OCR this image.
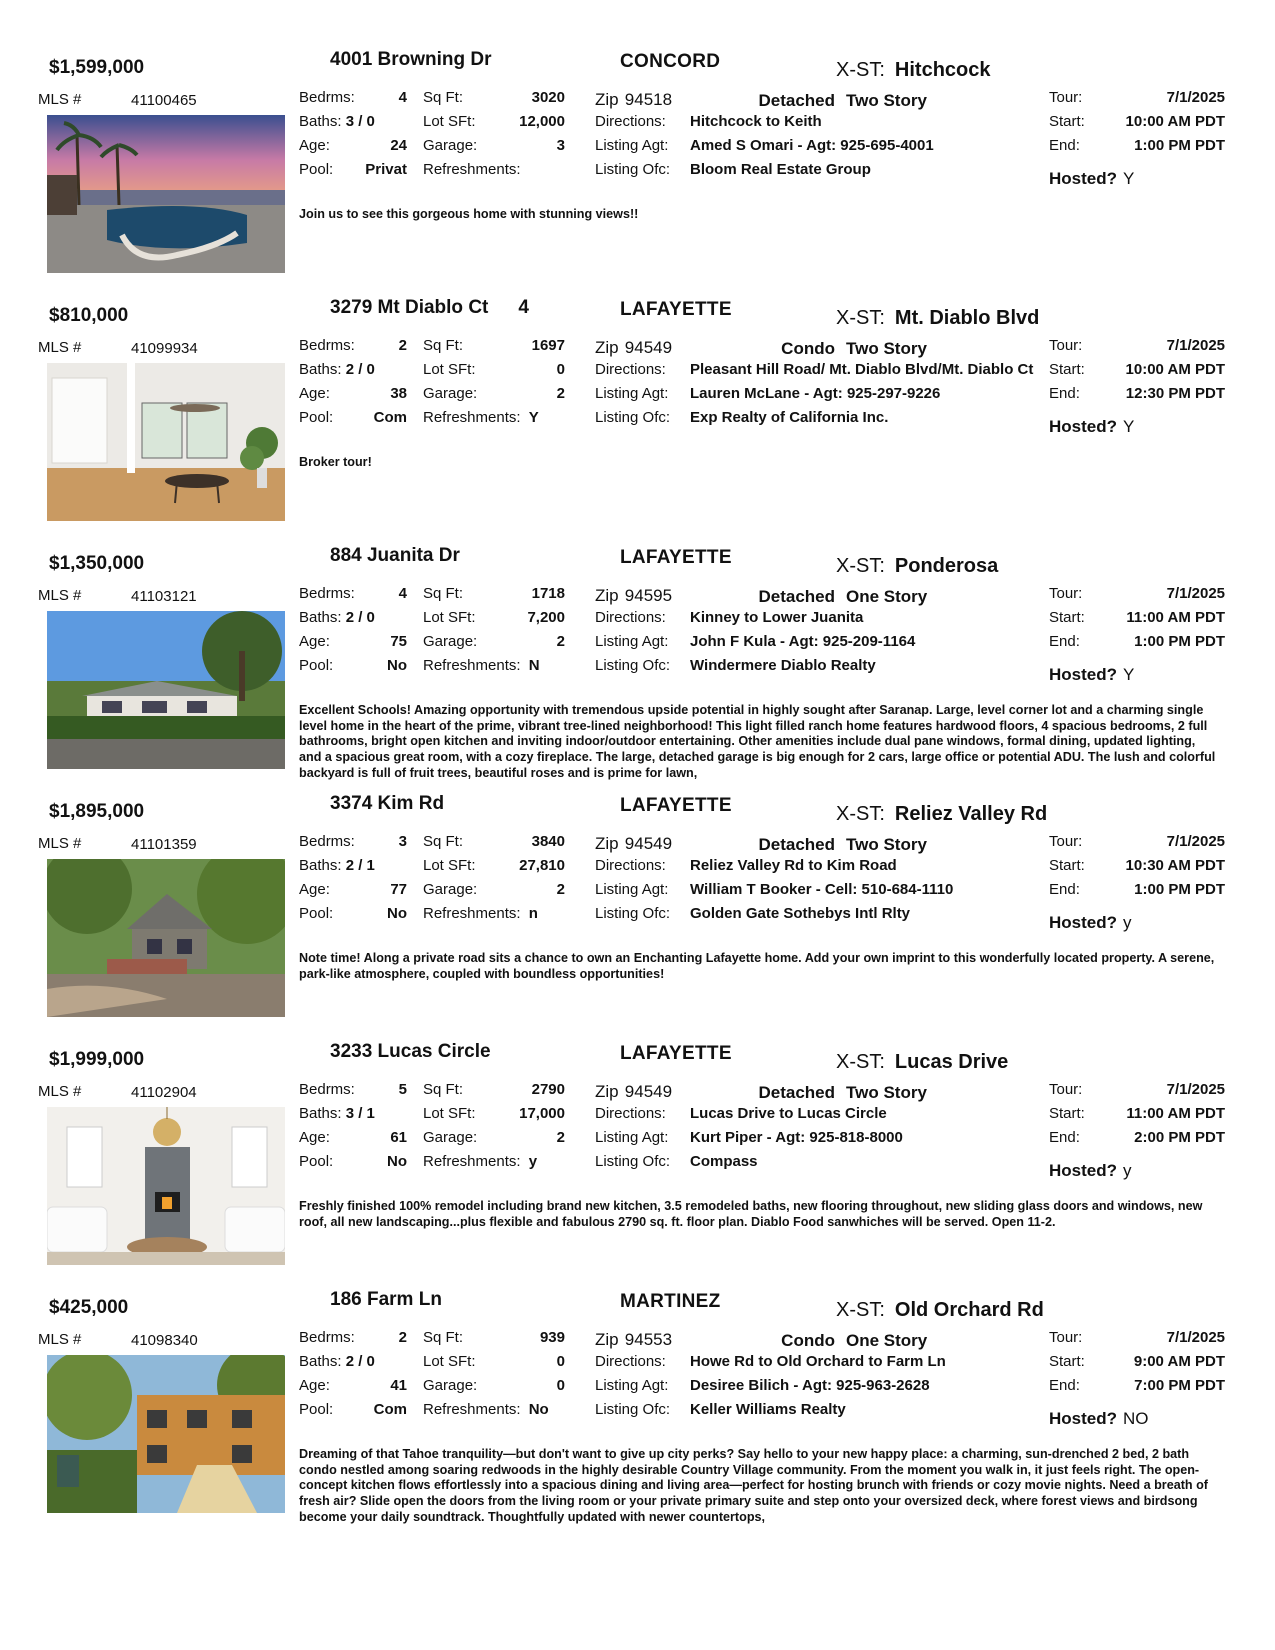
$1,599,000	4001 Browning Dr	CONCORD	X-ST: Hitchcock
MLS #	41100465	Bedrms:	4
Baths: 3 / 0
Age:	24
Pool:	Privat
Sq Ft:	3020
Lot SFt:	12,000
Garage:	3
Refreshments:
Zip 94518
Directions: Hitchcock to Keith
Listing Agt: Amed S Omari - Agt: 925-695-4001
Listing Ofc: Bloom Real Estate Group
Detached Two Story	Tour:	7/1/2025
Start:	10:00 AM PDT
End:	1:00 PM PDT
Hosted? Y
Join us to see this gorgeous home with stunning views!!
$810,000	3279 Mt Diablo Ct 4	LAFAYETTE	X-ST: Mt. Diablo Blvd
MLS #	41099934	Bedrms:	2
Baths: 2 / 0
Age:	38
Pool:	Com
Sq Ft:	1697
Lot SFt:	0
Garage:	2
Refreshments: Y
Zip 94549
Directions: Pleasant Hill Road/ Mt. Diablo Blvd/Mt. Diablo Ct
Listing Agt: Lauren McLane - Agt: 925-297-9226
Listing Ofc: Exp Realty of California Inc.
Condo Two Story	Tour:	7/1/2025
Start:	10:00 AM PDT
End:	12:30 PM PDT
Hosted? Y
Broker tour!
$1,350,000	884 Juanita Dr	LAFAYETTE	X-ST: Ponderosa
MLS #	41103121	Bedrms:	4
Baths: 2 / 0
Age:	75
Pool:	No
Sq Ft:	1718
Lot SFt:	7,200
Garage:	2
Refreshments: N
Zip 94595
Directions: Kinney to Lower Juanita
Listing Agt: John F Kula - Agt: 925-209-1164
Listing Ofc: Windermere Diablo Realty
Detached One Story	Tour:	7/1/2025
Start:	11:00 AM PDT
End:	1:00 PM PDT
Hosted? Y
Excellent Schools! Amazing opportunity with tremendous upside potential in highly sought after Saranap. Large, level corner lot and a charming single level home in the heart of the prime, vibrant tree-lined neighborhood! This light filled ranch home features hardwood floors, 4 spacious bedrooms, 2 full bathrooms, bright open kitchen and inviting indoor/outdoor entertaining. Other amenities include dual pane windows, formal dining, updated lighting, and a spacious great room, with a cozy fireplace. The large, detached garage is big enough for 2 cars, large office or potential ADU. The lush and colorful backyard is full of fruit trees, beautiful roses and is prime for lawn,
$1,895,000	3374 Kim Rd	LAFAYETTE	X-ST: Reliez Valley Rd
MLS #	41101359	Bedrms:	3
Baths: 2 / 1
Age:	77
Pool:	No
Sq Ft:	3840
Lot SFt:	27,810
Garage:	2
Refreshments: n
Zip 94549
Directions: Reliez Valley Rd to Kim Road
Listing Agt: William T Booker - Cell: 510-684-1110
Listing Ofc: Golden Gate Sothebys Intl Rlty
Detached Two Story	Tour:	7/1/2025
Start:	10:30 AM PDT
End:	1:00 PM PDT
Hosted? y
Note time! Along a private road sits a chance to own an Enchanting Lafayette home. Add your own imprint to this wonderfully located property. A serene, park-like atmosphere, coupled with boundless opportunities!
$1,999,000	3233 Lucas Circle	LAFAYETTE	X-ST: Lucas Drive
MLS #	41102904	Bedrms:	5
Baths: 3 / 1
Age:	61
Pool:	No
Sq Ft:	2790
Lot SFt:	17,000
Garage:	2
Refreshments: y
Zip 94549
Directions: Lucas Drive to Lucas Circle
Listing Agt: Kurt Piper - Agt: 925-818-8000
Listing Ofc: Compass
Detached Two Story	Tour:	7/1/2025
Start:	11:00 AM PDT
End:	2:00 PM PDT
Hosted? y
Freshly finished 100% remodel including brand new kitchen, 3.5 remodeled baths, new flooring throughout, new sliding glass doors and windows, new roof, all new landscaping...plus flexible and fabulous 2790 sq. ft. floor plan. Diablo Food sanwhiches will be served. Open 11-2.
$425,000	186 Farm Ln	MARTINEZ	X-ST: Old Orchard Rd
MLS #	41098340	Bedrms:	2
Baths: 2 / 0
Age:	41
Pool:	Com
Sq Ft:	939
Lot SFt:	0
Garage:	0
Refreshments: No
Zip 94553
Directions: Howe Rd to Old Orchard to Farm Ln
Listing Agt: Desiree Bilich - Agt: 925-963-2628
Listing Ofc: Keller Williams Realty
Condo One Story	Tour:	7/1/2025
Start:	9:00 AM PDT
End:	7:00 PM PDT
Hosted? NO
Dreaming of that Tahoe tranquility—but don't want to give up city perks? Say hello to your new happy place: a charming, sun-drenched 2 bed, 2 bath condo nestled among soaring redwoods in the highly desirable Country Village community. From the moment you walk in, it just feels right. The open-concept kitchen flows effortlessly into a spacious dining and living area—perfect for hosting brunch with friends or cozy movie nights. Need a breath of fresh air? Slide open the doors from the living room or your private primary suite and step onto your oversized deck, where forest views and birdsong become your daily soundtrack. Thoughtfully updated with newer countertops,
